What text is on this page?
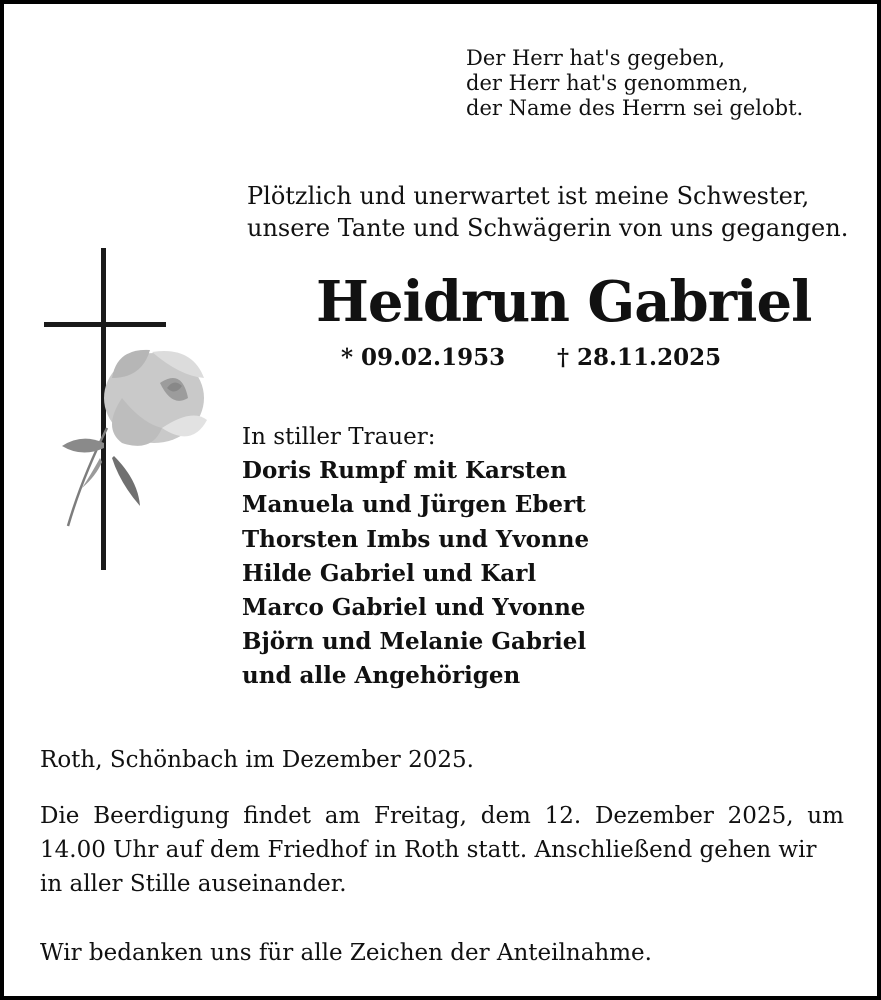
Der Herr hat's gegeben,
der Herr hat's genommen,
der Name des Herrn sei gelobt.
Plötzlich und unerwartet ist meine Schwester,
unsere Tante und Schwägerin von uns gegangen.
Heidrun Gabriel
* 09.02.1953 † 28.11.2025
In stiller Trauer:
Doris Rumpf mit Karsten
Manuela und Jürgen Ebert
Thorsten Imbs und Yvonne
Hilde Gabriel und Karl
Marco Gabriel und Yvonne
Björn und Melanie Gabriel
und alle Angehörigen
Roth, Schönbach im Dezember 2025.
Die Beerdigung findet am Freitag, dem 12. Dezember 2025, um
14.00 Uhr auf dem Friedhof in Roth statt. Anschließend gehen wir
in aller Stille auseinander.
Wir bedanken uns für alle Zeichen der Anteilnahme.
